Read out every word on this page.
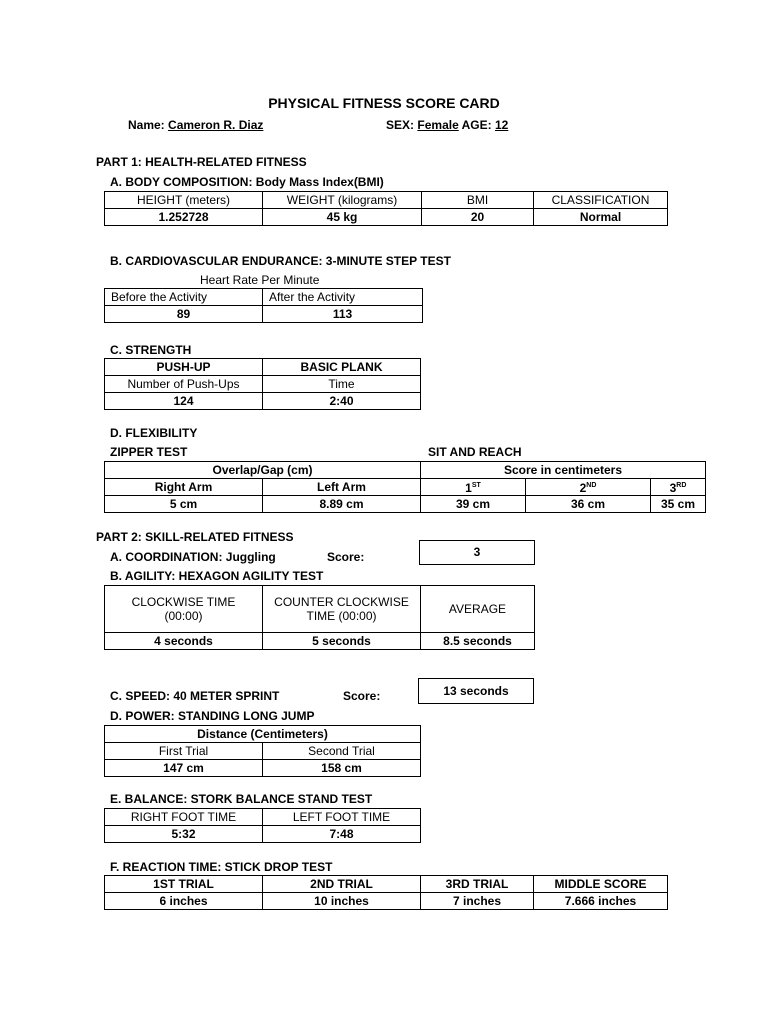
PHYSICAL FITNESS SCORE CARD
Name: Cameron R. Diaz	SEX: Female AGE: 12
PART 1: HEALTH-RELATED FITNESS
A. BODY COMPOSITION: Body Mass Index(BMI)
HEIGHT (meters)	WEIGHT (kilograms)	BMI	CLASSIFICATION
1.252728	45 kg	20	Normal
B. CARDIOVASCULAR ENDURANCE: 3-MINUTE STEP TEST
Heart Rate Per Minute
Before the Activity	After the Activity
89	113
C. STRENGTH
PUSH-UP	BASIC PLANK
Number of Push-Ups	Time
124	2:40
D. FLEXIBILITY
ZIPPER TEST	SIT AND REACH
Overlap/Gap (cm)		Score in centimeters		
Right Arm	Left Arm	1ST	2ND	3RD
5 cm	8.89 cm	39 cm	36 cm	35 cm
PART 2: SKILL-RELATED FITNESS
A. COORDINATION: Juggling	Score:	3
B. AGILITY: HEXAGON AGILITY TEST
CLOCKWISE TIME (00:00)	COUNTER CLOCKWISE TIME (00:00)	AVERAGE
4 seconds	5 seconds	8.5 seconds
C. SPEED: 40 METER SPRINT	Score:	13 seconds
D. POWER: STANDING LONG JUMP
Distance (Centimeters)	
First Trial	Second Trial
147 cm	158 cm
E. BALANCE: STORK BALANCE STAND TEST
RIGHT FOOT TIME	LEFT FOOT TIME
5:32	7:48
F. REACTION TIME: STICK DROP TEST
1ST TRIAL	2ND TRIAL	3RD TRIAL	MIDDLE SCORE
6 inches	10 inches	7 inches	7.666 inches
